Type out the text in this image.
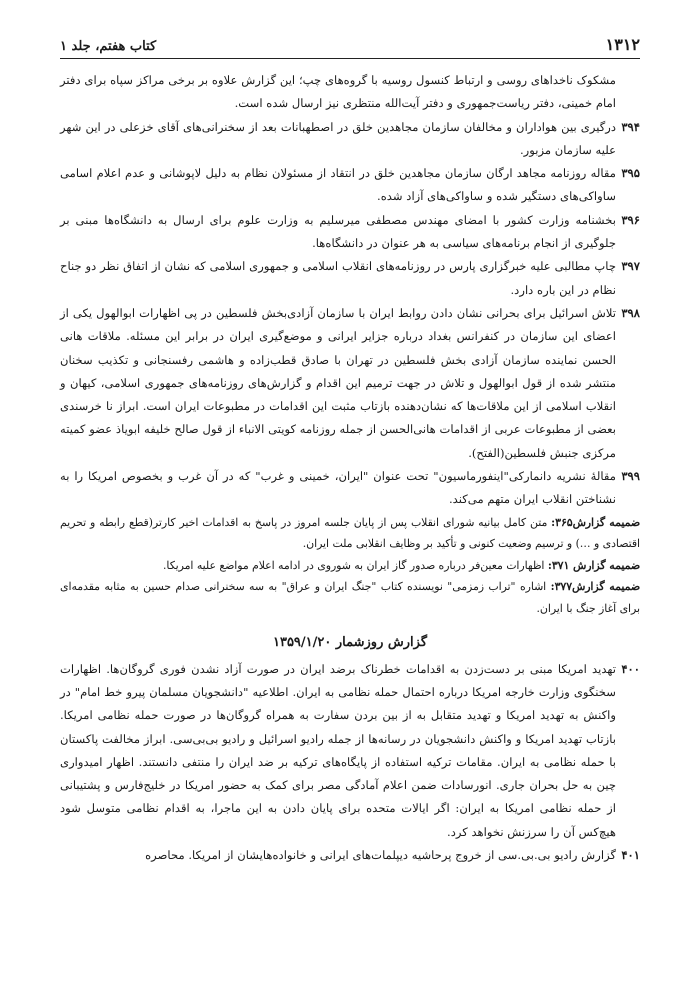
۱۳۱۲
کتاب هفتم، جلد ۱
مشکوک ناخداهای روسی و ارتباط کنسول روسیه با گروه‌های چپ؛ این گزارش علاوه بر برخی مراکز سپاه برای دفتر امام خمینی، دفتر ریاست‌جمهوری و دفتر آیت‌الله منتظری نیز ارسال شده است.
۳۹۴
درگیری بین هواداران و مخالفان سازمان مجاهدین خلق در اصطهبانات بعد از سخنرانی‌های آقای خزعلی در این شهر علیه سازمان مزبور.
۳۹۵
مقاله روزنامه مجاهد ارگان سازمان مجاهدین خلق در انتقاد از مسئولان نظام به دلیل لاپوشانی و عدم اعلام اسامی ساواکی‌های دستگیر شده و ساواکی‌های آزاد شده.
۳۹۶
بخشنامه وزارت کشور با امضای مهندس مصطفی میرسلیم به وزارت علوم برای ارسال به دانشگاه‌ها مبنی بر جلوگیری از انجام برنامه‌های سیاسی به هر عنوان در دانشگاه‌ها.
۳۹۷
چاپ مطالبی علیه خبرگزاری پارس در روزنامه‌های انقلاب اسلامی و جمهوری اسلامی که نشان از اتفاق نظر دو جناح نظام در این باره دارد.
۳۹۸
تلاش اسرائیل برای بحرانی نشان دادن روابط ایران با سازمان آزادی‌بخش فلسطین در پی اظهارات ابوالهول یکی از اعضای این سازمان در کنفرانس بغداد درباره جزایر ایرانی و موضع‌گیری ایران در برابر این مسئله. ملاقات هانی الحسن نماینده سازمان آزادی بخش فلسطین در تهران با صادق قطب‌زاده و هاشمی رفسنجانی و تکذیب سخنان منتشر شده از قول ابوالهول و تلاش در جهت ترمیم این اقدام و گزارش‌های روزنامه‌های جمهوری اسلامی، کیهان و انقلاب اسلامی از این ملاقات‌ها که نشان‌دهنده بازتاب مثبت این اقدامات در مطبوعات ایران است. ابراز نا خرسندی بعضی از مطبوعات عربی از اقدامات هانی‌الحسن از جمله روزنامه کویتی الانباء از قول صالح خلیفه ابویاذ عضو کمیته مرکزی جنبش فلسطین(الفتح).
۳۹۹
مقالهٔ نشریه دانمارکی"اینفورماسیون" تحت عنوان "ایران، خمینی و غرب" که در آن غرب و بخصوص امریکا را به نشناختن انقلاب ایران متهم می‌کند.
ضمیمه گزارش۳۶۵: متن کامل بیانیه شورای انقلاب پس از پایان جلسه امروز در پاسخ به اقدامات اخیر کارتر(قطع رابطه و تحریم اقتصادی و …) و ترسیم وضعیت کنونی و تأکید بر وظایف انقلابی ملت ایران.
ضمیمه گزارش ۳۷۱: اظهارات معین‌فر درباره صدور گاز ایران به شوروی در ادامه اعلام مواضع علیه امریکا.
ضمیمه گزارش۳۷۷: اشاره "تراب زمزمی" نویسنده کتاب "جنگ ایران و عراق" به سه سخنرانی صدام حسین به مثابه مقدمه‌ای برای آغاز جنگ با ایران.
گزارش روزشمار ۱۳۵۹/۱/۲۰
۴۰۰
تهدید امریکا مبنی بر دست‌زدن به اقدامات خطرناک برضد ایران در صورت آزاد نشدن فوری گروگان‌ها. اظهارات سخنگوی وزارت خارجه امریکا درباره احتمال حمله نظامی به ایران. اطلاعیه "دانشجویان مسلمان پیرو خط امام" در واکنش به تهدید امریکا و تهدید متقابل به از بین بردن سفارت به همراه گروگان‌ها در صورت حمله نظامی امریکا. بازتاب تهدید امریکا و واکنش دانشجویان در رسانه‌ها از جمله رادیو اسرائیل و رادیو بی‌بی‌سی. ابراز مخالفت پاکستان با حمله نظامی به ایران. مقامات ترکیه استفاده از پایگاه‌های ترکیه بر ضد ایران را منتفی دانستند. اظهار امیدواری چین به حل بحران جاری. انورسادات ضمن اعلام آمادگی مصر برای کمک به حضور امریکا در خلیج‌فارس و پشتیبانی از حمله نظامی امریکا به ایران: اگر ایالات متحده برای پایان دادن به این ماجرا، به اقدام نظامی متوسل شود هیچ‌کس آن را سرزنش نخواهد کرد.
۴۰۱
گزارش رادیو بی.بی.سی از خروج پرحاشیه دیپلمات‌های ایرانی و خانواده‌هایشان از امریکا. محاصره
